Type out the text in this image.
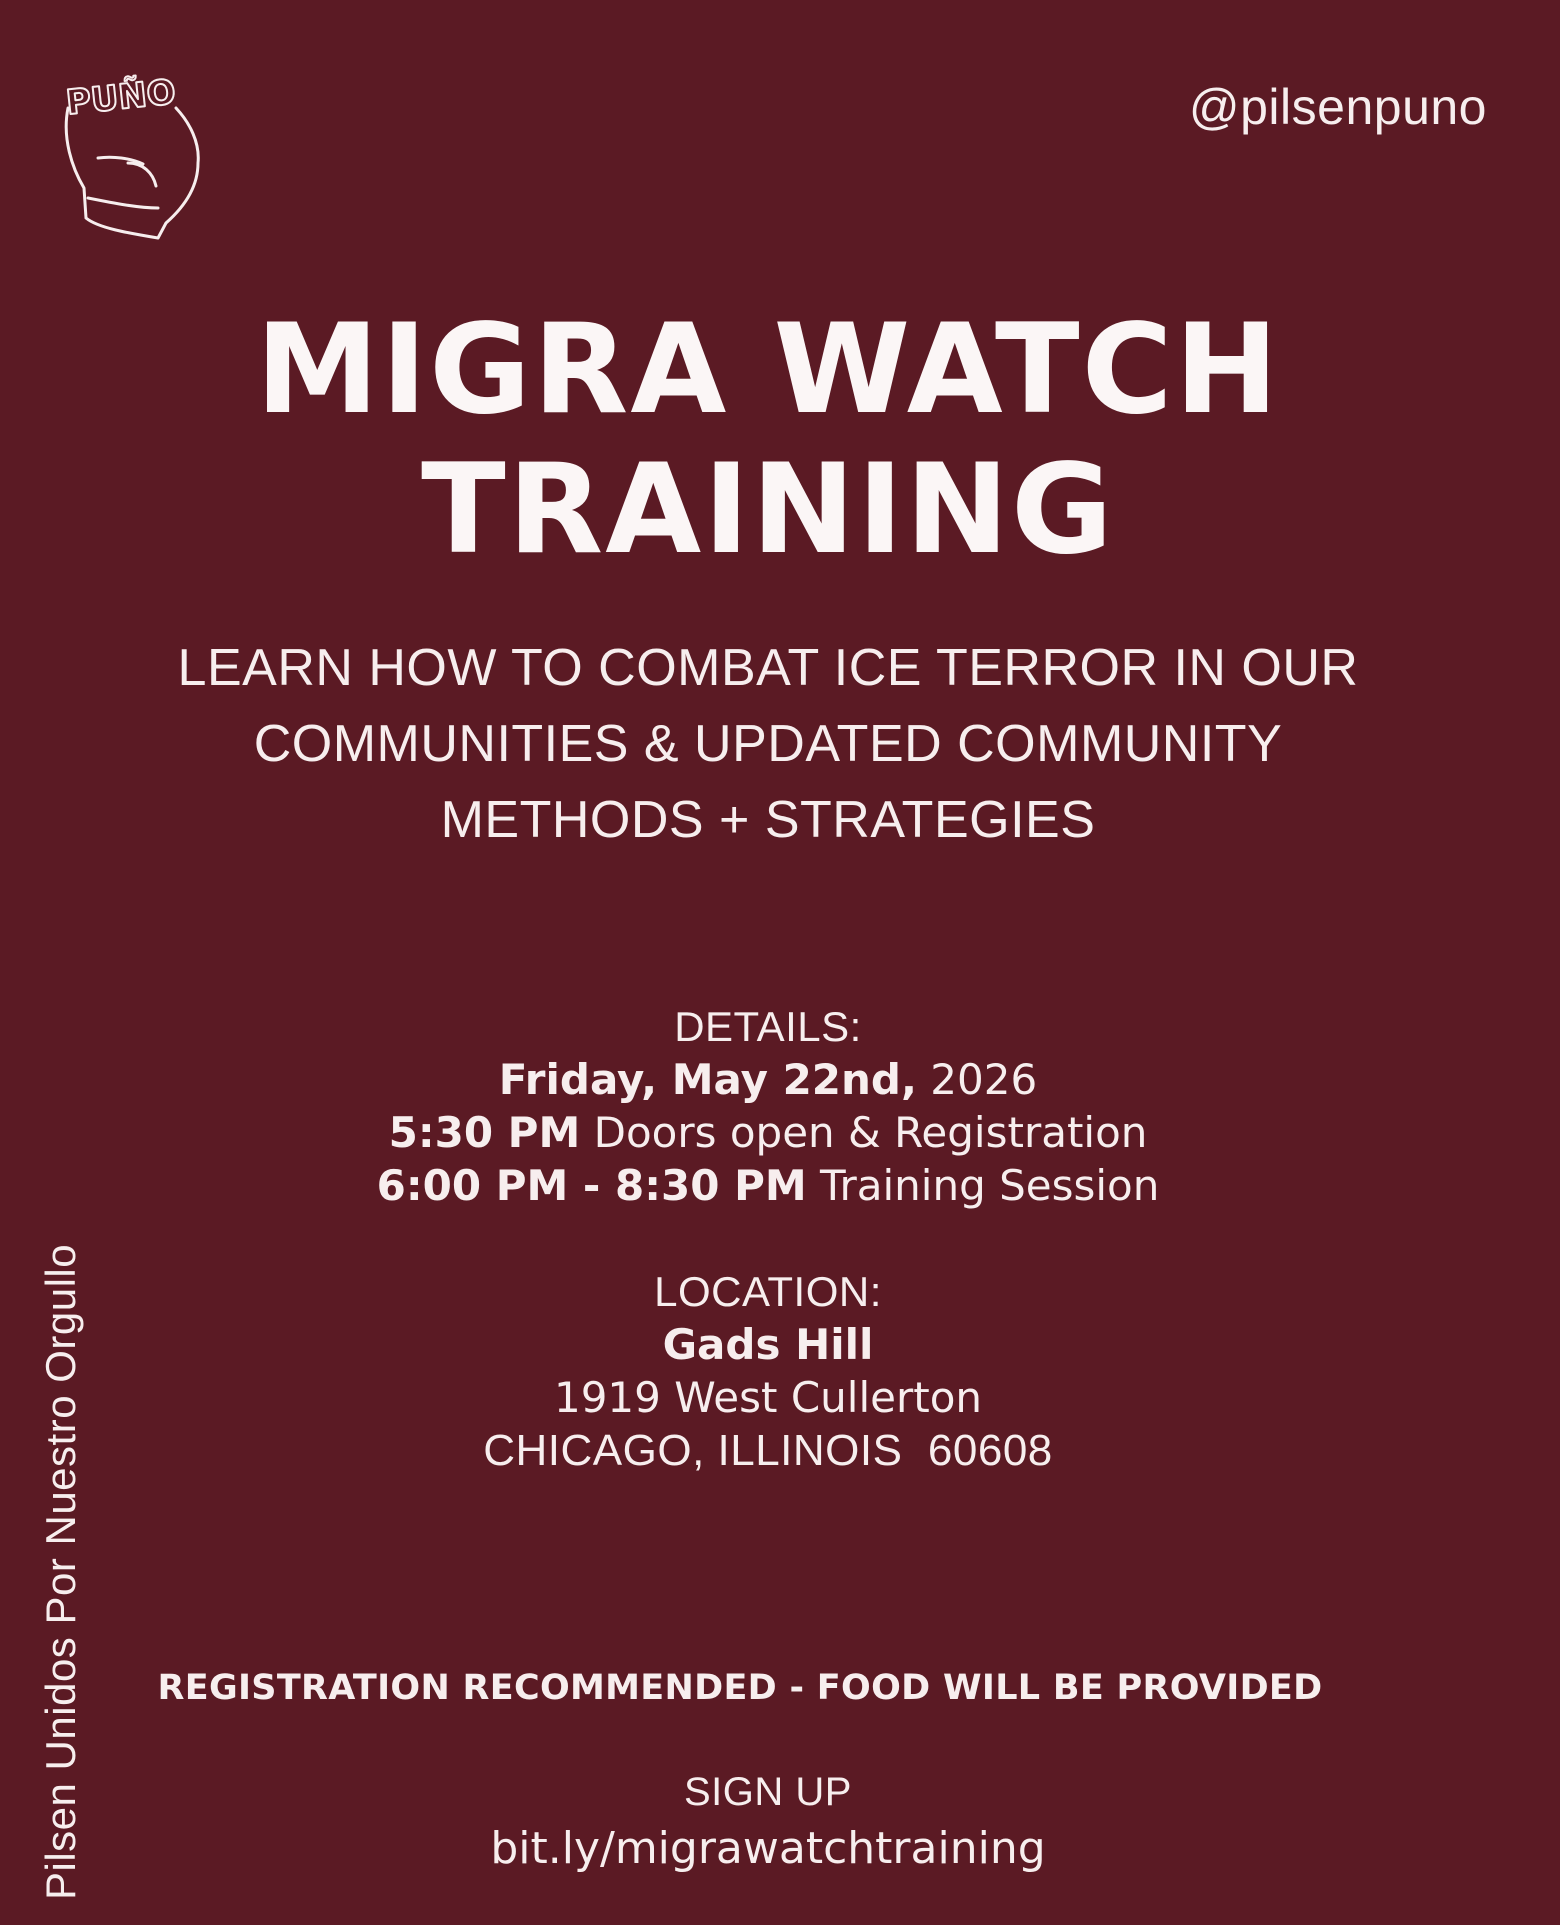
PUÑO	@pilsenpuno
MIGRA WATCH
TRAINING
LEARN HOW TO COMBAT ICE TERROR IN OUR
COMMUNITIES & UPDATED COMMUNITY
METHODS + STRATEGIES
DETAILS:
Friday, May 22nd, 2026
5:30 PM Doors open & Registration
6:00 PM - 8:30 PM Training Session
LOCATION:
Gads Hill
1919 West Cullerton
CHICAGO, ILLINOIS  60608
Pilsen Unidos Por Nuestro Orgullo	REGISTRATION RECOMMENDED - FOOD WILL BE PROVIDED
SIGN UP
bit.ly/migrawatchtraining
